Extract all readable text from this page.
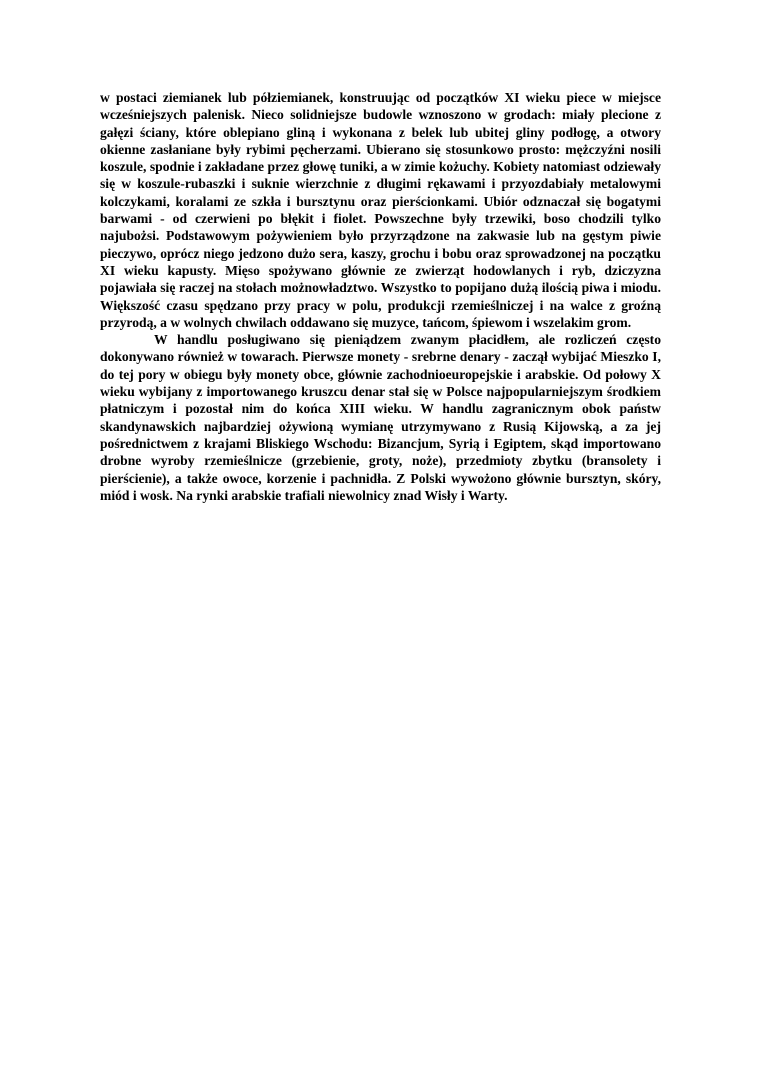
w postaci ziemianek lub półziemianek, konstruując od początków XI wieku piece w miejsce wcześniejszych palenisk. Nieco solidniejsze budowle wznoszono w grodach: miały plecione z gałęzi ściany, które oblepiano gliną i wykonana z belek lub ubitej gliny podłogę, a otwory okienne zasłaniane były rybimi pęcherzami. Ubierano się stosunkowo prosto: mężczyźni nosili koszule, spodnie i zakładane przez głowę tuniki, a w zimie kożuchy. Kobiety natomiast odziewały się w koszule-rubaszki i suknie wierzchnie z długimi rękawami i przyozdabiały metalowymi kolczykami, koralami ze szkła i bursztynu oraz pierścionkami. Ubiór odznaczał się bogatymi barwami - od czerwieni po błękit i fiolet. Powszechne były trzewiki, boso chodzili tylko najubożsi. Podstawowym pożywieniem było przyrządzone na zakwasie lub na gęstym piwie pieczywo, oprócz niego jedzono dużo sera, kaszy, grochu i bobu oraz sprowadzonej na początku XI wieku kapusty. Mięso spożywano głównie ze zwierząt hodowlanych i ryb, dziczyzna pojawiała się raczej na stołach możnowładztwo. Wszystko to popijano dużą ilością piwa i miodu. Większość czasu spędzano przy pracy w polu, produkcji rzemieślniczej i na walce z groźną przyrodą, a w wolnych chwilach oddawano się muzyce, tańcom, śpiewom i wszelakim grom.

W handlu posługiwano się pieniądzem zwanym płacidłem, ale rozliczeń często dokonywano również w towarach. Pierwsze monety - srebrne denary - zaczął wybijać Mieszko I, do tej pory w obiegu były monety obce, głównie zachodnioeuropejskie i arabskie. Od połowy X wieku wybijany z importowanego kruszcu denar stał się w Polsce najpopularniejszym środkiem płatniczym i pozostał nim do końca XIII wieku. W handlu zagranicznym obok państw skandynawskich najbardziej ożywioną wymianę utrzymywano z Rusią Kijowską, a za jej pośrednictwem z krajami Bliskiego Wschodu: Bizancjum, Syrią i Egiptem, skąd importowano drobne wyroby rzemieślnicze (grzebienie, groty, noże), przedmioty zbytku (bransolety i pierścienie), a także owoce, korzenie i pachnidła. Z Polski wywożono głównie bursztyn, skóry, miód i wosk. Na rynki arabskie trafiali niewolnicy znad Wisły i Warty.
